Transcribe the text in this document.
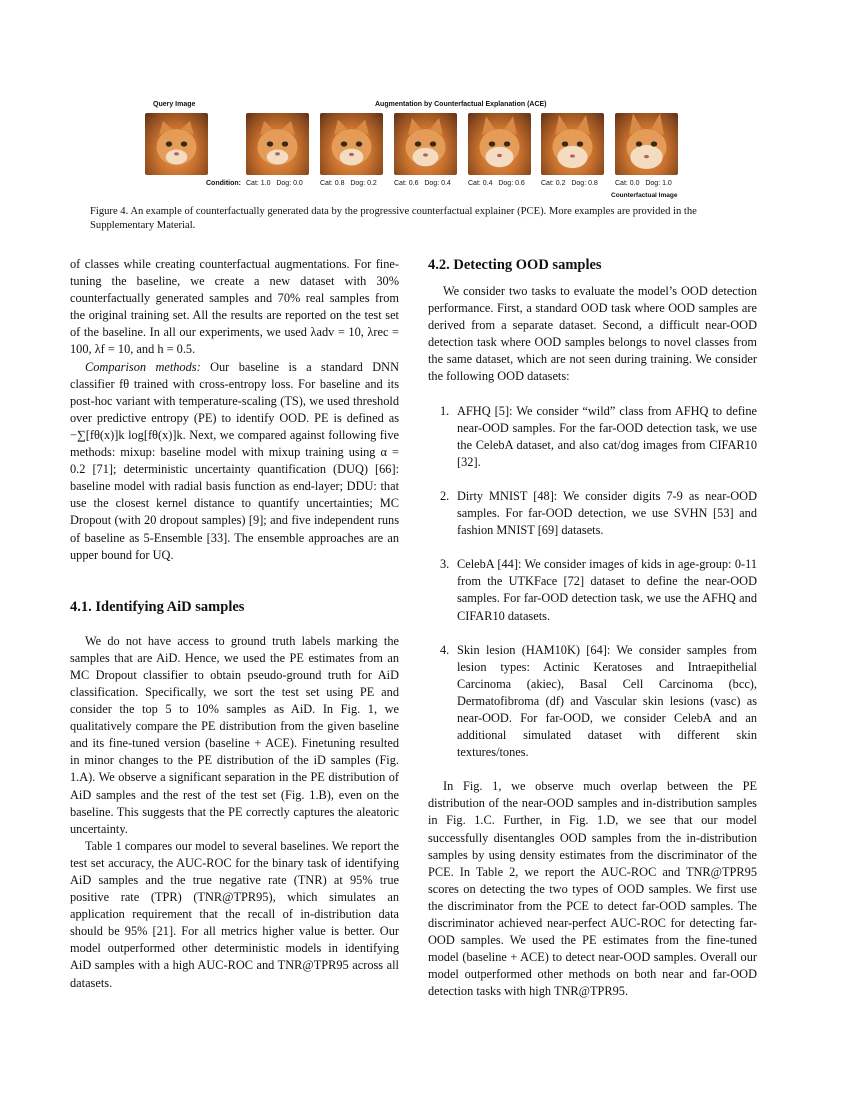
Query Image	Augmentation by Counterfactual Explanation (ACE)
Condition: Cat: 1.0 Dog: 0.0 Cat: 0.8 Dog: 0.2 Cat: 0.6 Dog: 0.4 Cat: 0.4 Dog: 0.6 Cat: 0.2 Dog: 0.8 Cat: 0.0 Dog: 1.0
Counterfactual Image
Figure 4. An example of counterfactually generated data by the progressive counterfactual explainer (PCE). More examples are provided in the Supplementary Material.

of classes while creating counterfactual augmentations. For fine-tuning the baseline, we create a new dataset with 30% counterfactually generated samples and 70% real samples from the original training set. All the results are reported on the test set of the baseline. In all our experiments, we used λadv = 10, λrec = 100, λf = 10, and h = 0.5.

Comparison methods: Our baseline is a standard DNN classifier fθ trained with cross-entropy loss. For baseline and its post-hoc variant with temperature-scaling (TS), we used threshold over predictive entropy (PE) to identify OOD. PE is defined as −∑[fθ(x)]k log[fθ(x)]k. Next, we compared against following five methods: mixup: baseline model with mixup training using α = 0.2 [71]; deterministic uncertainty quantification (DUQ) [66]: baseline model with radial basis function as end-layer; DDU: that use the closest kernel distance to quantify uncertainties; MC Dropout (with 20 dropout samples) [9]; and five independent runs of baseline as 5-Ensemble [33]. The ensemble approaches are an upper bound for UQ.

4.1. Identifying AiD samples

We do not have access to ground truth labels marking the samples that are AiD. Hence, we used the PE estimates from an MC Dropout classifier to obtain pseudo-ground truth for AiD classification. Specifically, we sort the test set using PE and consider the top 5 to 10% samples as AiD. In Fig. 1, we qualitatively compare the PE distribution from the given baseline and its fine-tuned version (baseline + ACE). Finetuning resulted in minor changes to the PE distribution of the iD samples (Fig. 1.A). We observe a significant separation in the PE distribution of AiD samples and the rest of the test set (Fig. 1.B), even on the baseline. This suggests that the PE correctly captures the aleatoric uncertainty.

Table 1 compares our model to several baselines. We report the test set accuracy, the AUC-ROC for the binary task of identifying AiD samples and the true negative rate (TNR) at 95% true positive rate (TPR) (TNR@TPR95), which simulates an application requirement that the recall of in-distribution data should be 95% [21]. For all metrics higher value is better. Our model outperformed other deterministic models in identifying AiD samples with a high AUC-ROC and TNR@TPR95 across all datasets.

4.2. Detecting OOD samples

We consider two tasks to evaluate the model’s OOD detection performance. First, a standard OOD task where OOD samples are derived from a separate dataset. Second, a difficult near-OOD detection task where OOD samples belongs to novel classes from the same dataset, which are not seen during training. We consider the following OOD datasets:

1. AFHQ [5]: We consider “wild” class from AFHQ to define near-OOD samples. For the far-OOD detection task, we use the CelebA dataset, and also cat/dog images from CIFAR10 [32].
2. Dirty MNIST [48]: We consider digits 7-9 as near-OOD samples. For far-OOD detection, we use SVHN [53] and fashion MNIST [69] datasets.
3. CelebA [44]: We consider images of kids in age-group: 0-11 from the UTKFace [72] dataset to define the near-OOD samples. For far-OOD detection task, we use the AFHQ and CIFAR10 datasets.
4. Skin lesion (HAM10K) [64]: We consider samples from lesion types: Actinic Keratoses and Intraepithelial Carcinoma (akiec), Basal Cell Carcinoma (bcc), Dermatofibroma (df) and Vascular skin lesions (vasc) as near-OOD. For far-OOD, we consider CelebA and an additional simulated dataset with different skin textures/tones.

In Fig. 1, we observe much overlap between the PE distribution of the near-OOD samples and in-distribution samples in Fig. 1.C. Further, in Fig. 1.D, we see that our model successfully disentangles OOD samples from the in-distribution samples by using density estimates from the discriminator of the PCE. In Table 2, we report the AUC-ROC and TNR@TPR95 scores on detecting the two types of OOD samples. We first use the discriminator from the PCE to detect far-OOD samples. The discriminator achieved near-perfect AUC-ROC for detecting far-OOD samples. We used the PE estimates from the fine-tuned model (baseline + ACE) to detect near-OOD samples. Overall our model outperformed other methods on both near and far-OOD detection tasks with high TNR@TPR95.
